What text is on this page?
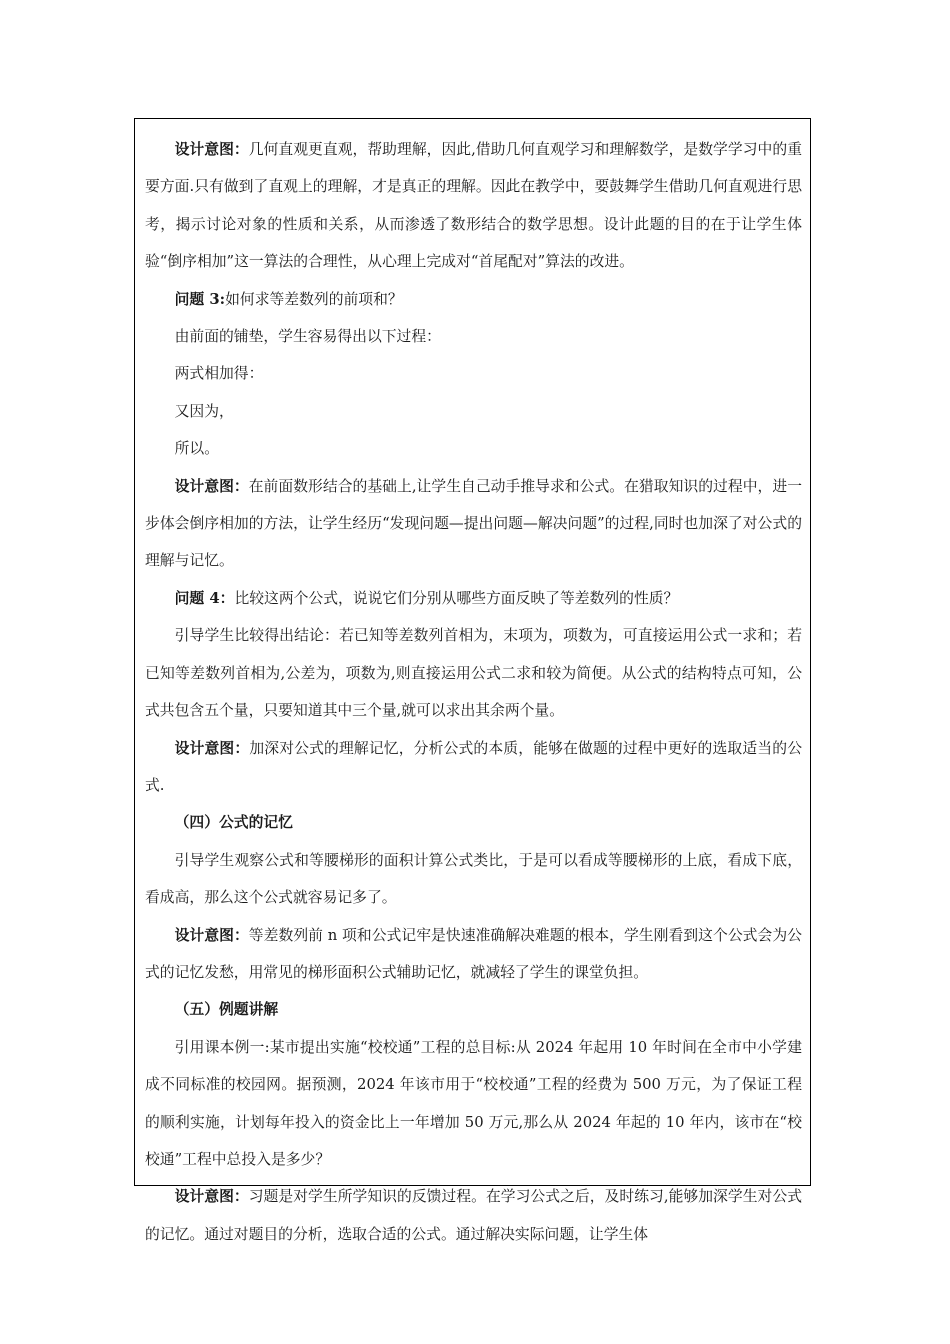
设计意图：几何直观更直观，帮助理解，因此,借助几何直观学习和理解数学，是数学学习中的重要方面.只有做到了直观上的理解，才是真正的理解。因此在教学中，要鼓舞学生借助几何直观进行思考，揭示讨论对象的性质和关系，从而渗透了数形结合的数学思想。设计此题的目的在于让学生体验“倒序相加”这一算法的合理性，从心理上完成对“首尾配对”算法的改进。

问题 3:如何求等差数列的前项和？

由前面的铺垫，学生容易得出以下过程：

两式相加得：

又因为，

所以。

设计意图：在前面数形结合的基础上,让学生自己动手推导求和公式。在猎取知识的过程中，进一步体会倒序相加的方法，让学生经历“发现问题—提出问题—解决问题”的过程,同时也加深了对公式的理解与记忆。

问题 4：比较这两个公式，说说它们分别从哪些方面反映了等差数列的性质？

引导学生比较得出结论：若已知等差数列首相为，末项为，项数为，可直接运用公式一求和；若已知等差数列首相为,公差为，项数为,则直接运用公式二求和较为简便。从公式的结构特点可知，公式共包含五个量，只要知道其中三个量,就可以求出其余两个量。

设计意图：加深对公式的理解记忆，分析公式的本质，能够在做题的过程中更好的选取适当的公式.

（四）公式的记忆

引导学生观察公式和等腰梯形的面积计算公式类比，于是可以看成等腰梯形的上底，看成下底，看成高，那么这个公式就容易记多了。

设计意图：等差数列前 n 项和公式记牢是快速准确解决难题的根本，学生刚看到这个公式会为公式的记忆发愁，用常见的梯形面积公式辅助记忆，就减轻了学生的课堂负担。

（五）例题讲解

引用课本例一:某市提出实施“校校通”工程的总目标:从 2024 年起用 10 年时间在全市中小学建成不同标准的校园网。据预测，2024 年该市用于“校校通”工程的经费为 500 万元，为了保证工程的顺利实施，计划每年投入的资金比上一年增加 50 万元,那么从 2024 年起的 10 年内，该市在“校校通”工程中总投入是多少？

设计意图：习题是对学生所学知识的反馈过程。在学习公式之后，及时练习,能够加深学生对公式的记忆。通过对题目的分析，选取合适的公式。通过解决实际问题，让学生体
